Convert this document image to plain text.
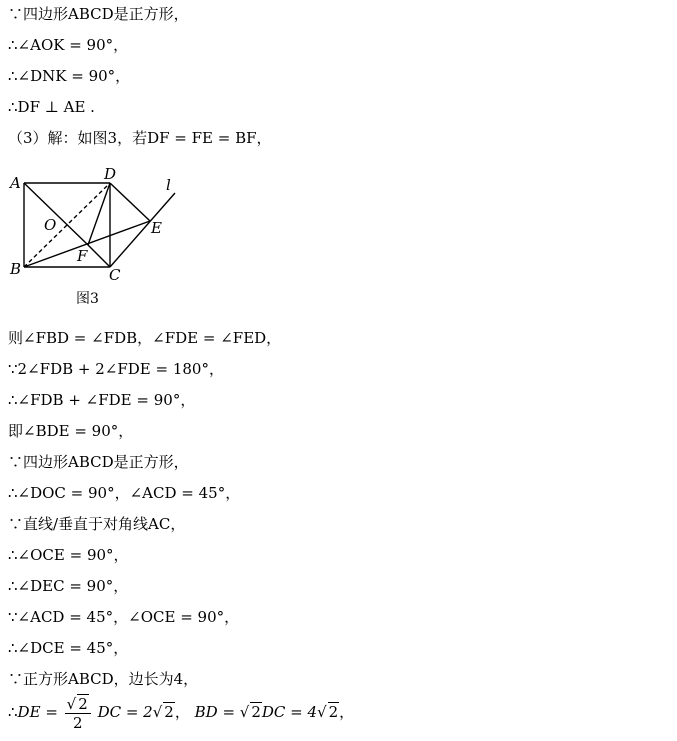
∵四边形ABCD是正方形，
∴∠AOK = 90°，
∴∠DNK = 90°，
∴DF ⊥ AE .
（3）解：如图3，若DF = FE = BF，
A
B	C
D
E
F
O
l
图3
则∠FBD = ∠FDB，∠FDE = ∠FED，
∵2∠FDB + 2∠FDE = 180°，
∴∠FDB + ∠FDE = 90°，
即∠BDE = 90°，
∵四边形ABCD是正方形，
∴∠DOC = 90°，∠ACD = 45°，
∵直线/垂直于对角线AC，
∴∠OCE = 90°，
∴∠DEC = 90°，
∵∠ACD = 45°，∠OCE = 90°，
∴∠DCE = 45°，
∵正方形ABCD，边长为4，
∴DE = $\frac{√ 2}{2}$ DC = 2√ 2， BD = √ 2DC = 4√ 2，
